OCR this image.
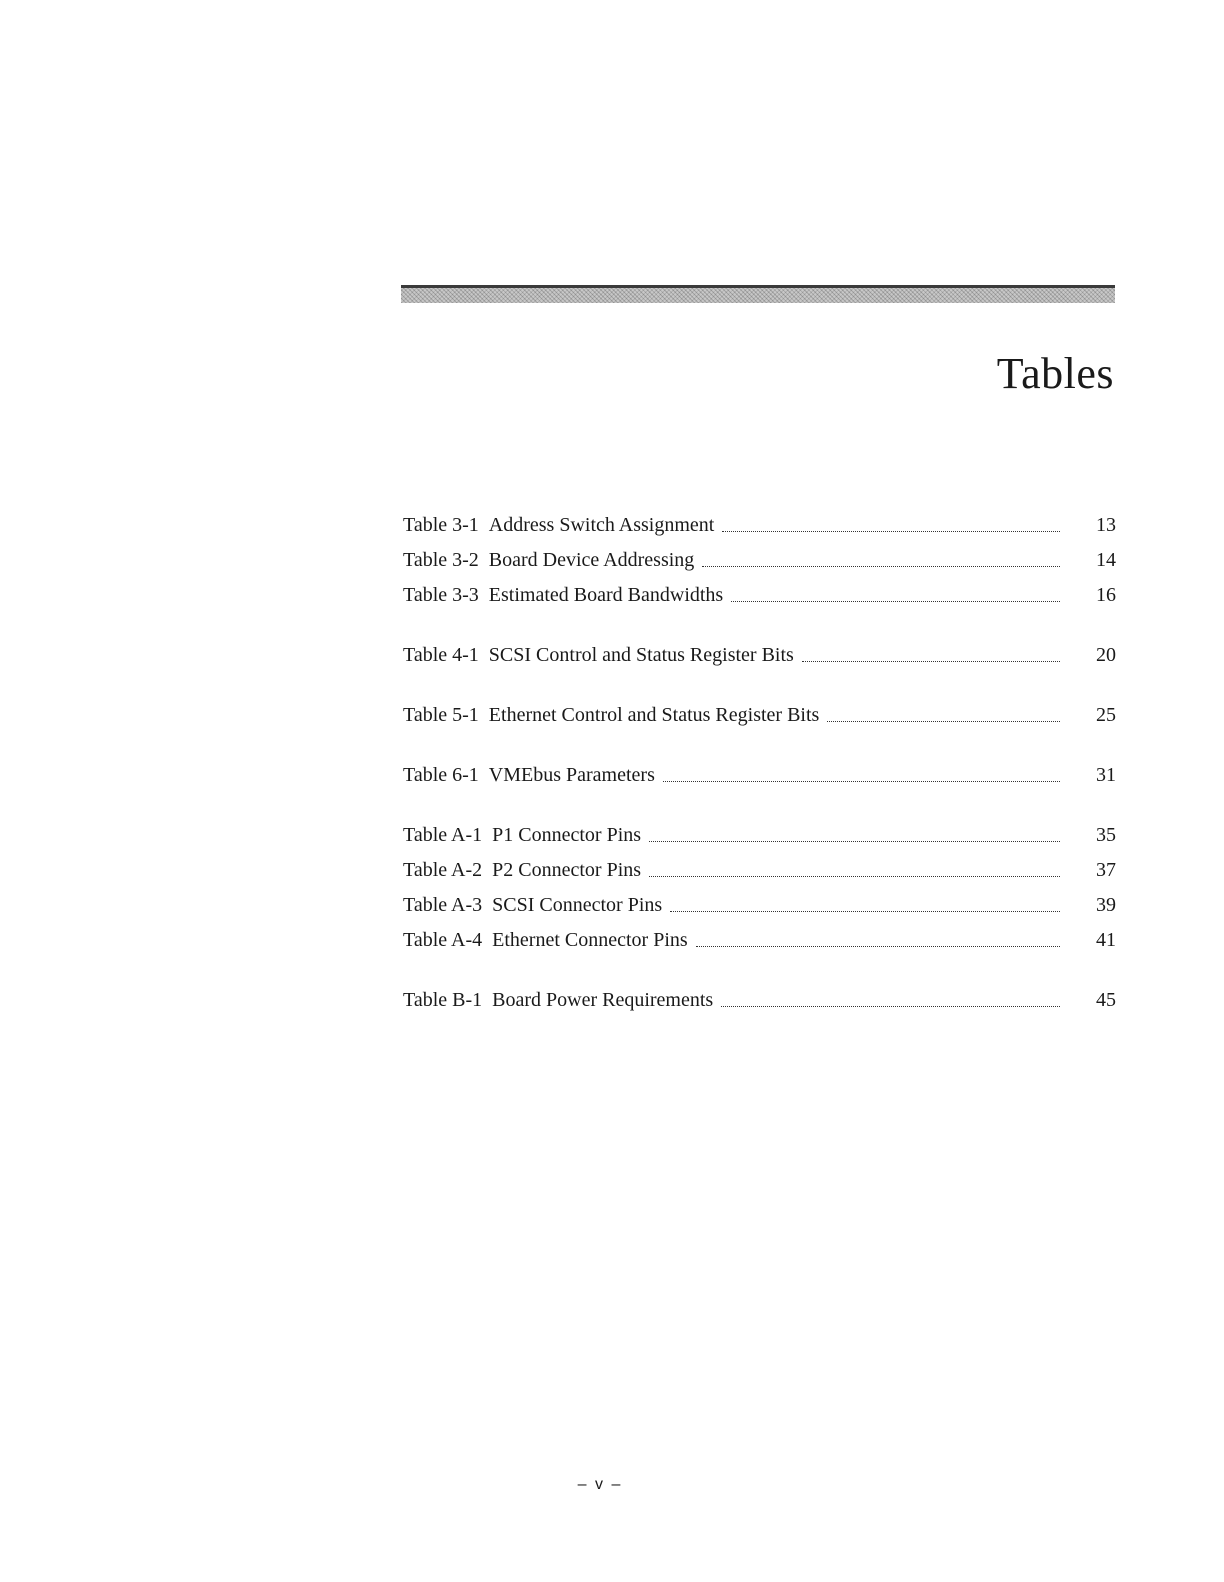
Tables
Table 3-1 Address Switch Assignment	13
Table 3-2 Board Device Addressing	14
Table 3-3 Estimated Board Bandwidths	16
Table 4-1 SCSI Control and Status Register Bits	20
Table 5-1 Ethernet Control and Status Register Bits	25
Table 6-1 VMEbus Parameters	31
Table A-1 P1 Connector Pins	35
Table A-2 P2 Connector Pins	37
Table A-3 SCSI Connector Pins	39
Table A-4 Ethernet Connector Pins	41
Table B-1 Board Power Requirements	45
– v –
